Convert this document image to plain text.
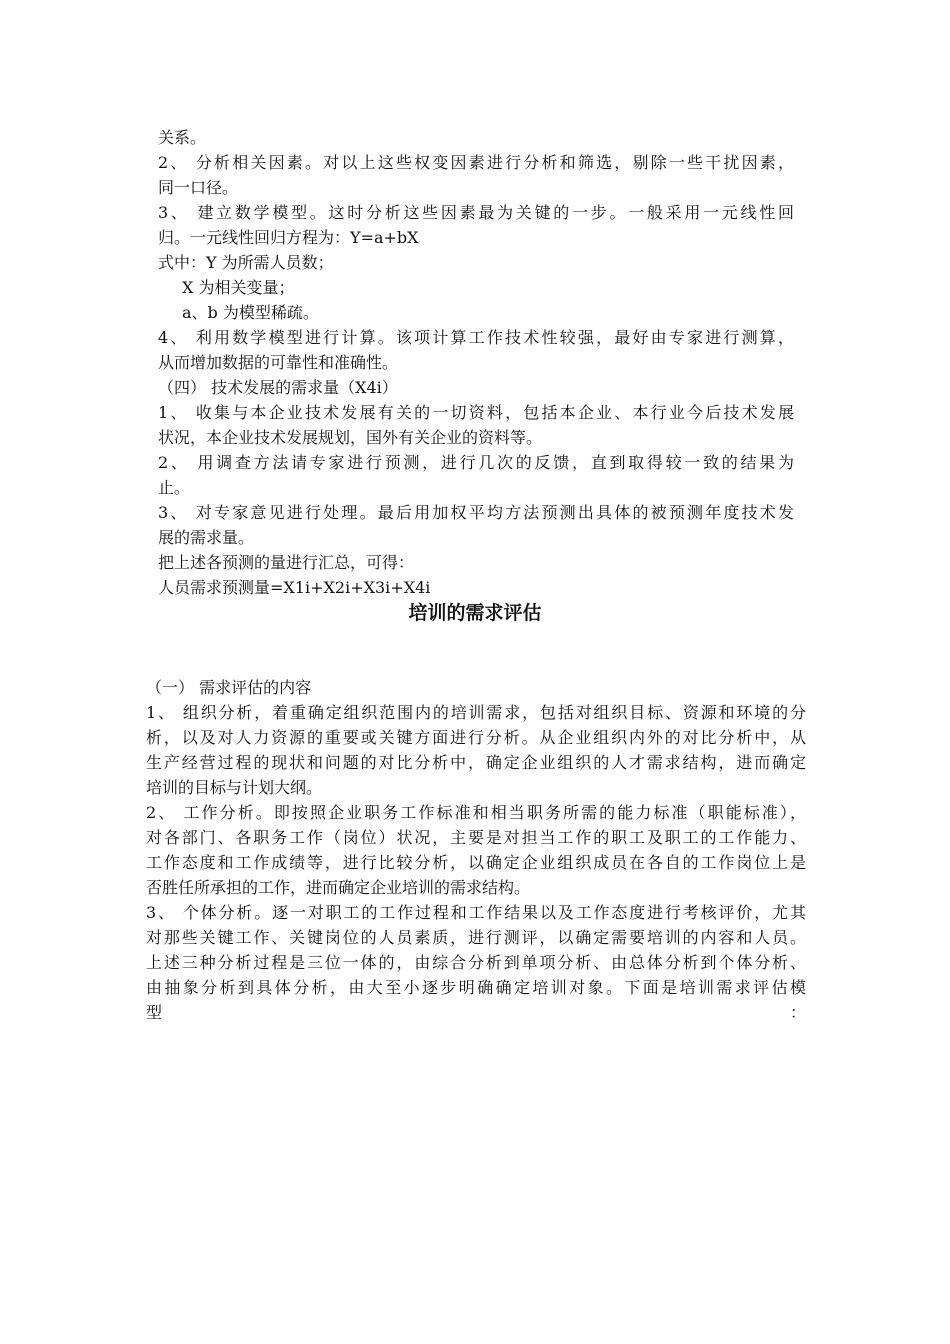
关系。
2、 分析相关因素。对以上这些权变因素进行分析和筛选，剔除一些干扰因素，
同一口径。
3、 建立数学模型。这时分析这些因素最为关键的一步。一般采用一元线性回
归。一元线性回归方程为：Y=a+bX
式中：Y 为所需人员数；
X 为相关变量；
a、b 为模型稀疏。
4、 利用数学模型进行计算。该项计算工作技术性较强，最好由专家进行测算，
从而增加数据的可靠性和准确性。
（四） 技术发展的需求量（X4i）
1、 收集与本企业技术发展有关的一切资料，包括本企业、本行业今后技术发展
状况，本企业技术发展规划，国外有关企业的资料等。
2、 用调查方法请专家进行预测，进行几次的反馈，直到取得较一致的结果为
止。
3、 对专家意见进行处理。最后用加权平均方法预测出具体的被预测年度技术发
展的需求量。
把上述各预测的量进行汇总，可得：
人员需求预测量=X1i+X2i+X3i+X4i
培训的需求评估
（一） 需求评估的内容
1、 组织分析，着重确定组织范围内的培训需求，包括对组织目标、资源和环境的分
析，以及对人力资源的重要或关键方面进行分析。从企业组织内外的对比分析中，从
生产经营过程的现状和问题的对比分析中，确定企业组织的人才需求结构，进而确定
培训的目标与计划大纲。
2、 工作分析。即按照企业职务工作标准和相当职务所需的能力标准（职能标准），
对各部门、各职务工作（岗位）状况，主要是对担当工作的职工及职工的工作能力、
工作态度和工作成绩等，进行比较分析，以确定企业组织成员在各自的工作岗位上是
否胜任所承担的工作，进而确定企业培训的需求结构。
3、 个体分析。逐一对职工的工作过程和工作结果以及工作态度进行考核评价，尤其
对那些关键工作、关键岗位的人员素质，进行测评，以确定需要培训的内容和人员。
上述三种分析过程是三位一体的，由综合分析到单项分析、由总体分析到个体分析、
由抽象分析到具体分析，由大至小逐步明确确定培训对象。下面是培训需求评估模
型	：
